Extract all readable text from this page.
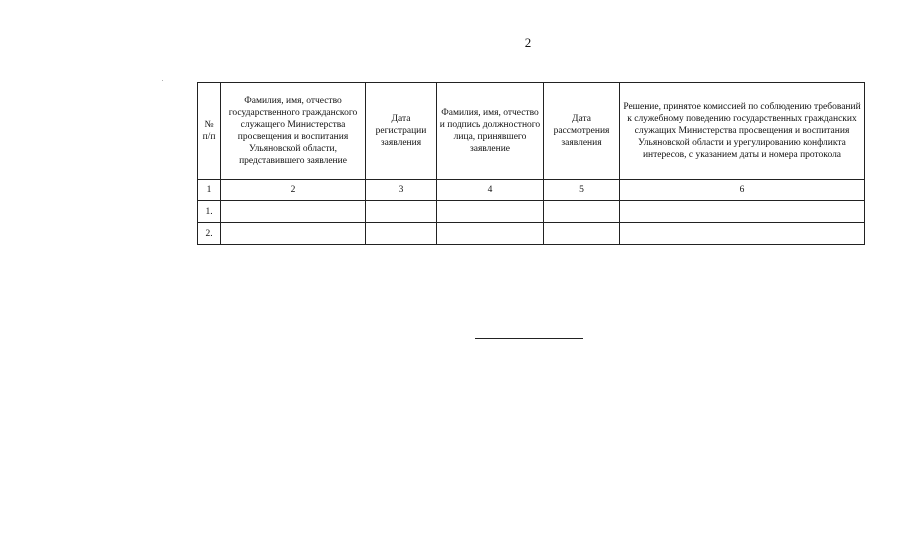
2
№ п/п	Фамилия, имя, отчество государственного гражданского служащего Министерства просвещения и воспитания Ульяновской области, представившего заявление	Дата регистрации заявления	Фамилия, имя, отчество и подпись должностного лица, принявшего заявление	Дата рассмотрения заявления	Решение, принятое комиссией по соблюдению требований к служебному поведению государственных гражданских служащих Министерства просвещения и воспитания Ульяновской области и урегулированию конфликта интересов, с указанием даты и номера протокола
1	2	3	4	5	6
1.					
2.					
